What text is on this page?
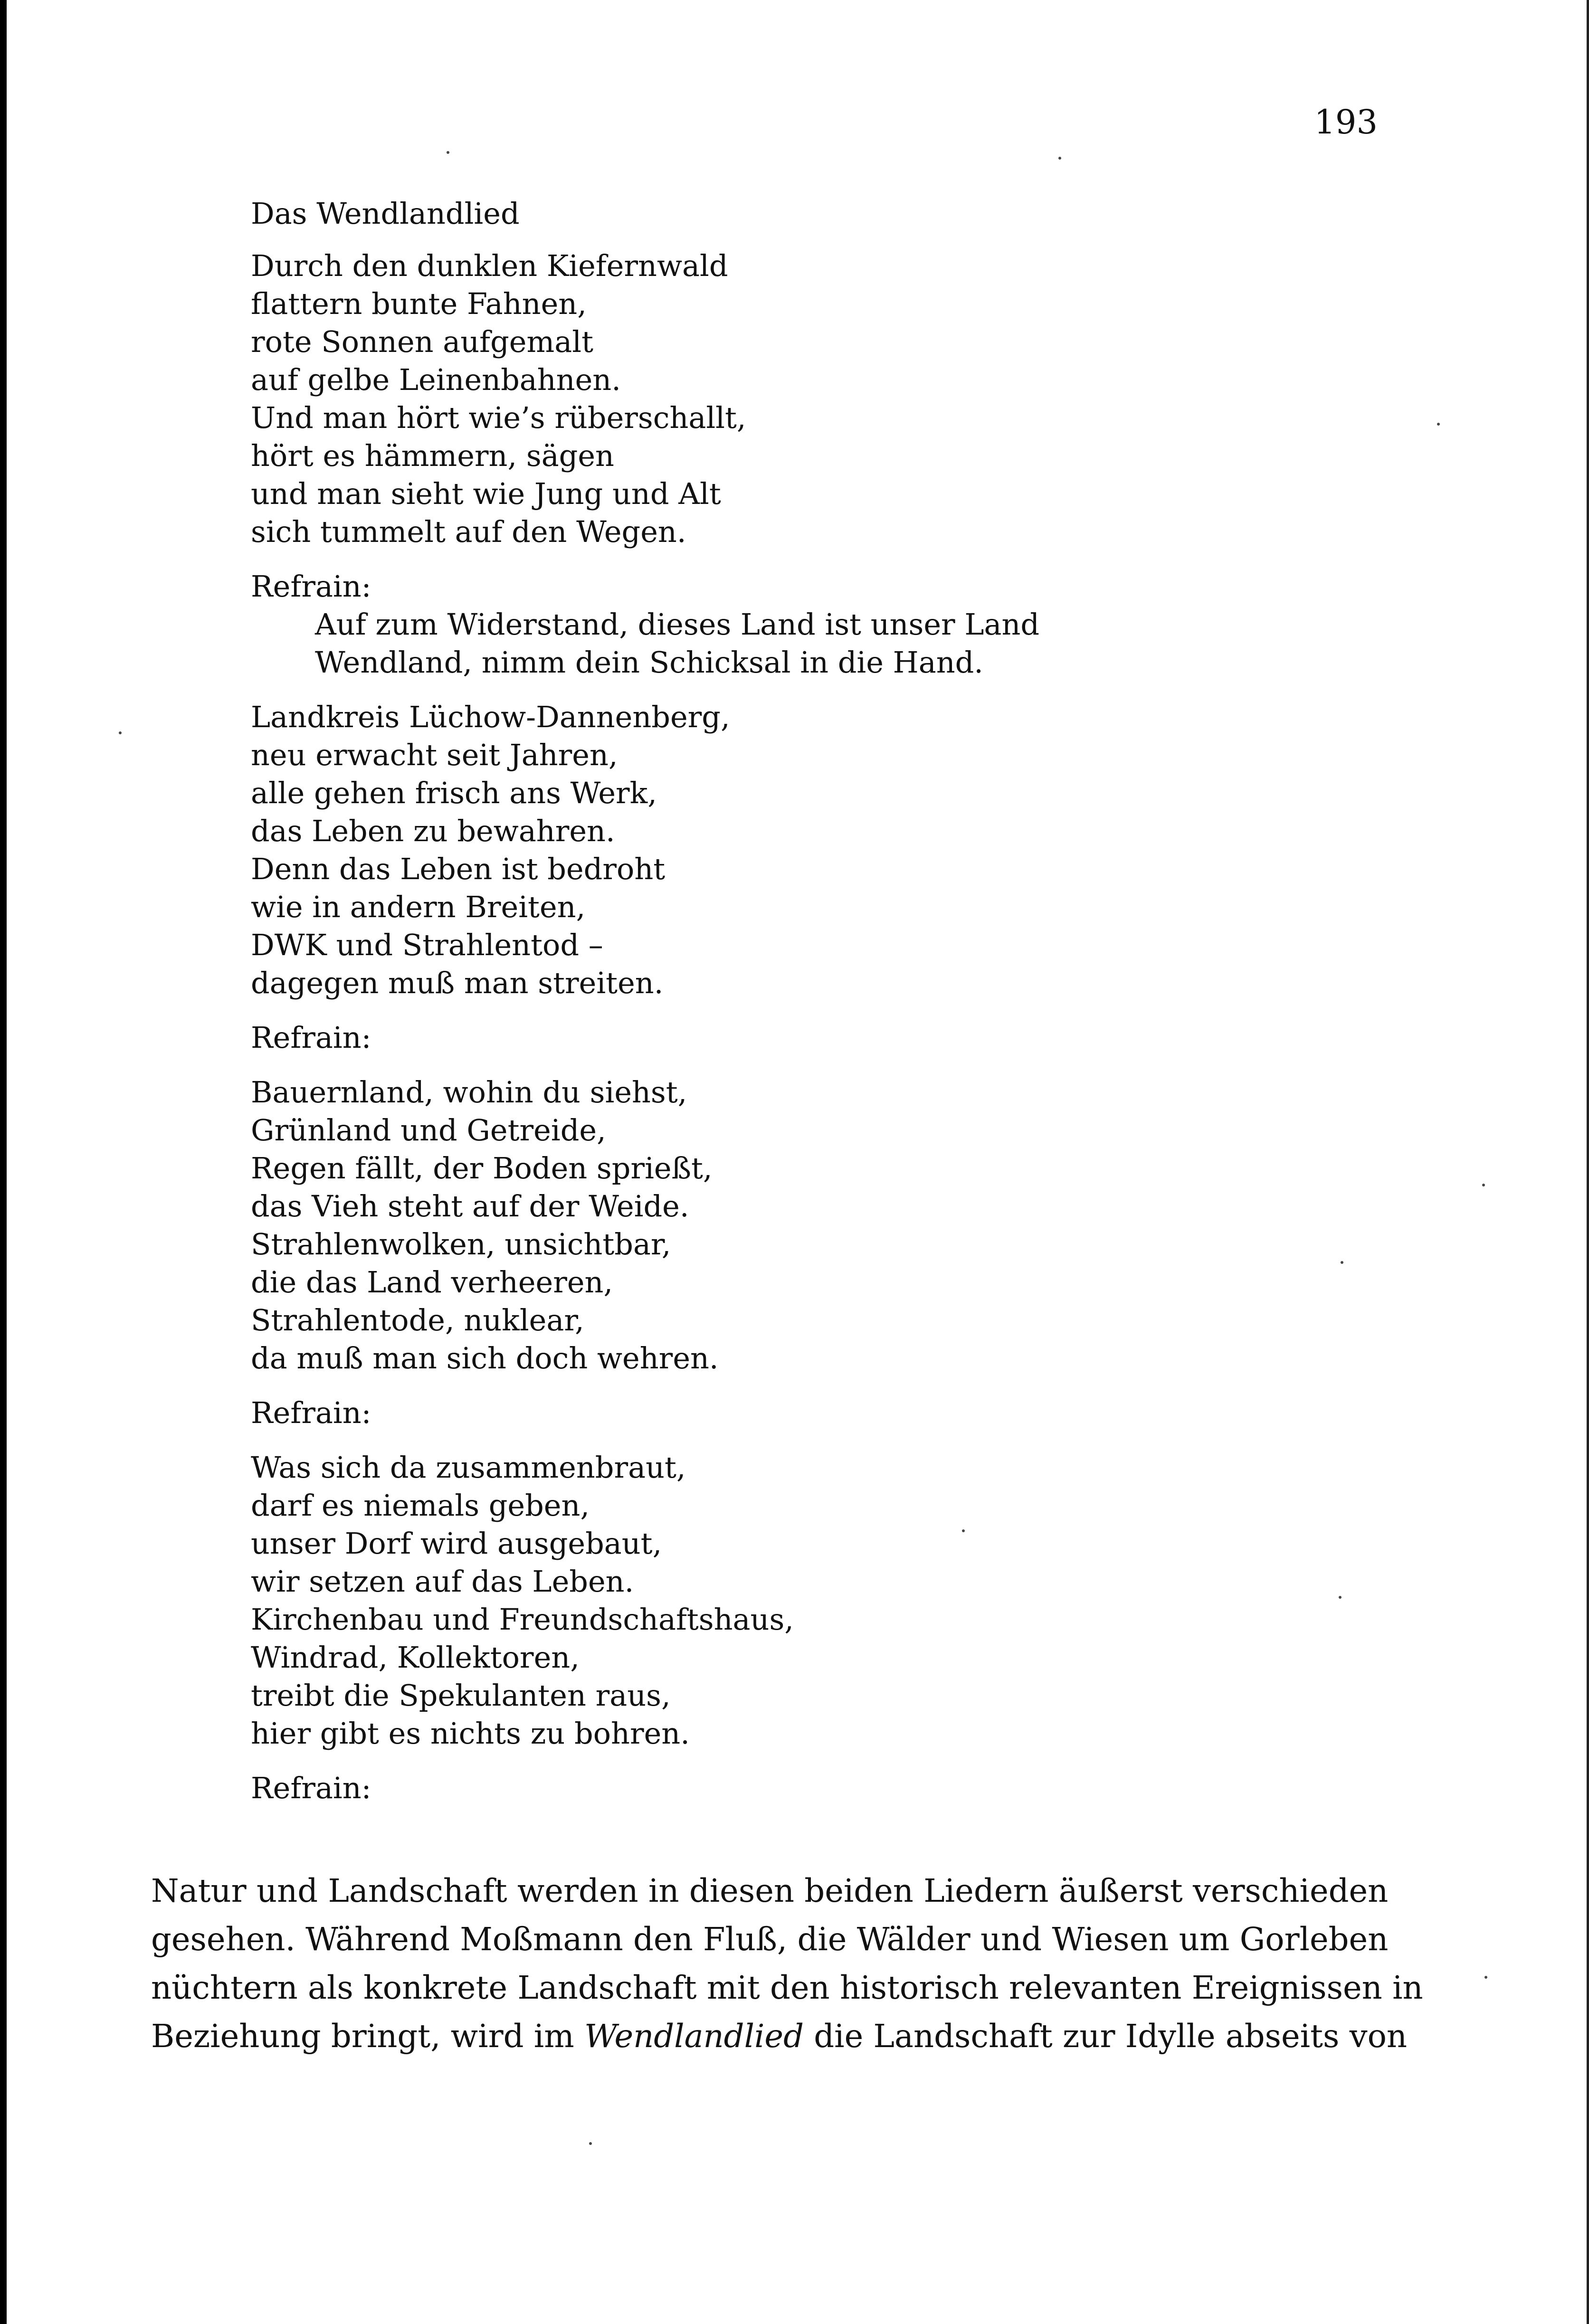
193
Das Wendlandlied
Durch den dunklen Kiefernwald
flattern bunte Fahnen,
rote Sonnen aufgemalt
auf gelbe Leinenbahnen.
Und man hört wie’s rüberschallt,
hört es hämmern, sägen
und man sieht wie Jung und Alt
sich tummelt auf den Wegen.
Refrain:
Auf zum Widerstand, dieses Land ist unser Land
Wendland, nimm dein Schicksal in die Hand.
Landkreis Lüchow-Dannenberg,
neu erwacht seit Jahren,
alle gehen frisch ans Werk,
das Leben zu bewahren.
Denn das Leben ist bedroht
wie in andern Breiten,
DWK und Strahlentod –
dagegen muß man streiten.
Refrain:
Bauernland, wohin du siehst,
Grünland und Getreide,
Regen fällt, der Boden sprießt,
das Vieh steht auf der Weide.
Strahlenwolken, unsichtbar,
die das Land verheeren,
Strahlentode, nuklear,
da muß man sich doch wehren.
Refrain:
Was sich da zusammenbraut,
darf es niemals geben,
unser Dorf wird ausgebaut,
wir setzen auf das Leben.
Kirchenbau und Freundschaftshaus,
Windrad, Kollektoren,
treibt die Spekulanten raus,
hier gibt es nichts zu bohren.
Refrain:
Natur und Landschaft werden in diesen beiden Liedern äußerst verschieden
gesehen. Während Moßmann den Fluß, die Wälder und Wiesen um Gorleben
nüchtern als konkrete Landschaft mit den historisch relevanten Ereignissen in
Beziehung bringt, wird im Wendlandlied die Landschaft zur Idylle abseits von
